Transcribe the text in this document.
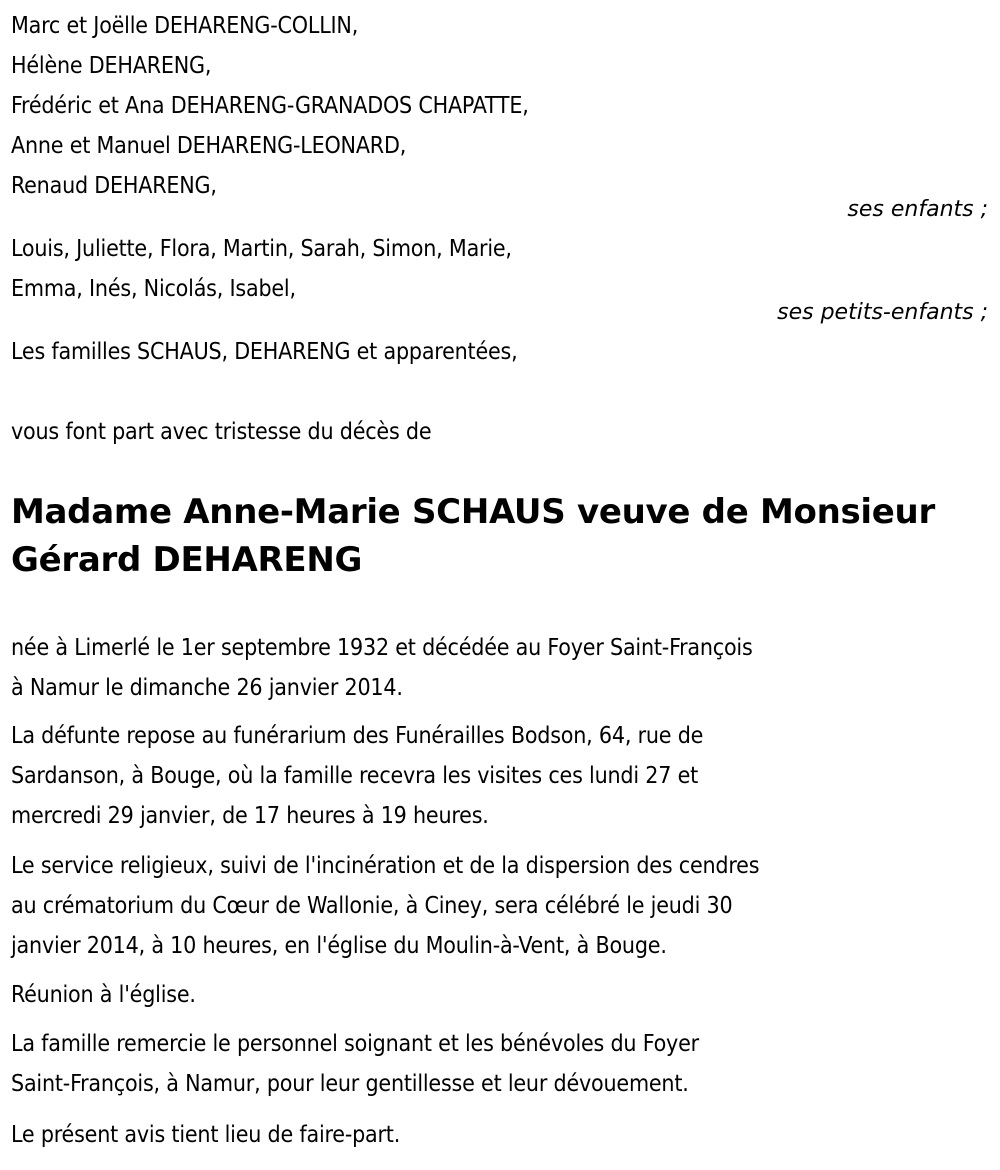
Marc et Joëlle DEHARENG-COLLIN,
Hélène DEHARENG,
Frédéric et Ana DEHARENG-GRANADOS CHAPATTE,
Anne et Manuel DEHARENG-LEONARD,
Renaud DEHARENG,
ses enfants ;
Louis, Juliette, Flora, Martin, Sarah, Simon, Marie,
Emma, Inés, Nicolás, Isabel,
ses petits-enfants ;
Les familles SCHAUS, DEHARENG et apparentées,
vous font part avec tristesse du décès de
Madame Anne-Marie SCHAUS veuve de Monsieur
Gérard DEHARENG
née à Limerlé le 1er septembre 1932 et décédée au Foyer Saint-François
à Namur le dimanche 26 janvier 2014.
La défunte repose au funérarium des Funérailles Bodson, 64, rue de
Sardanson, à Bouge, où la famille recevra les visites ces lundi 27 et
mercredi 29 janvier, de 17 heures à 19 heures.
Le service religieux, suivi de l'incinération et de la dispersion des cendres
au crématorium du Cœur de Wallonie, à Ciney, sera célébré le jeudi 30
janvier 2014, à 10 heures, en l'église du Moulin-à-Vent, à Bouge.
Réunion à l'église.
La famille remercie le personnel soignant et les bénévoles du Foyer
Saint-François, à Namur, pour leur gentillesse et leur dévouement.
Le présent avis tient lieu de faire-part.
